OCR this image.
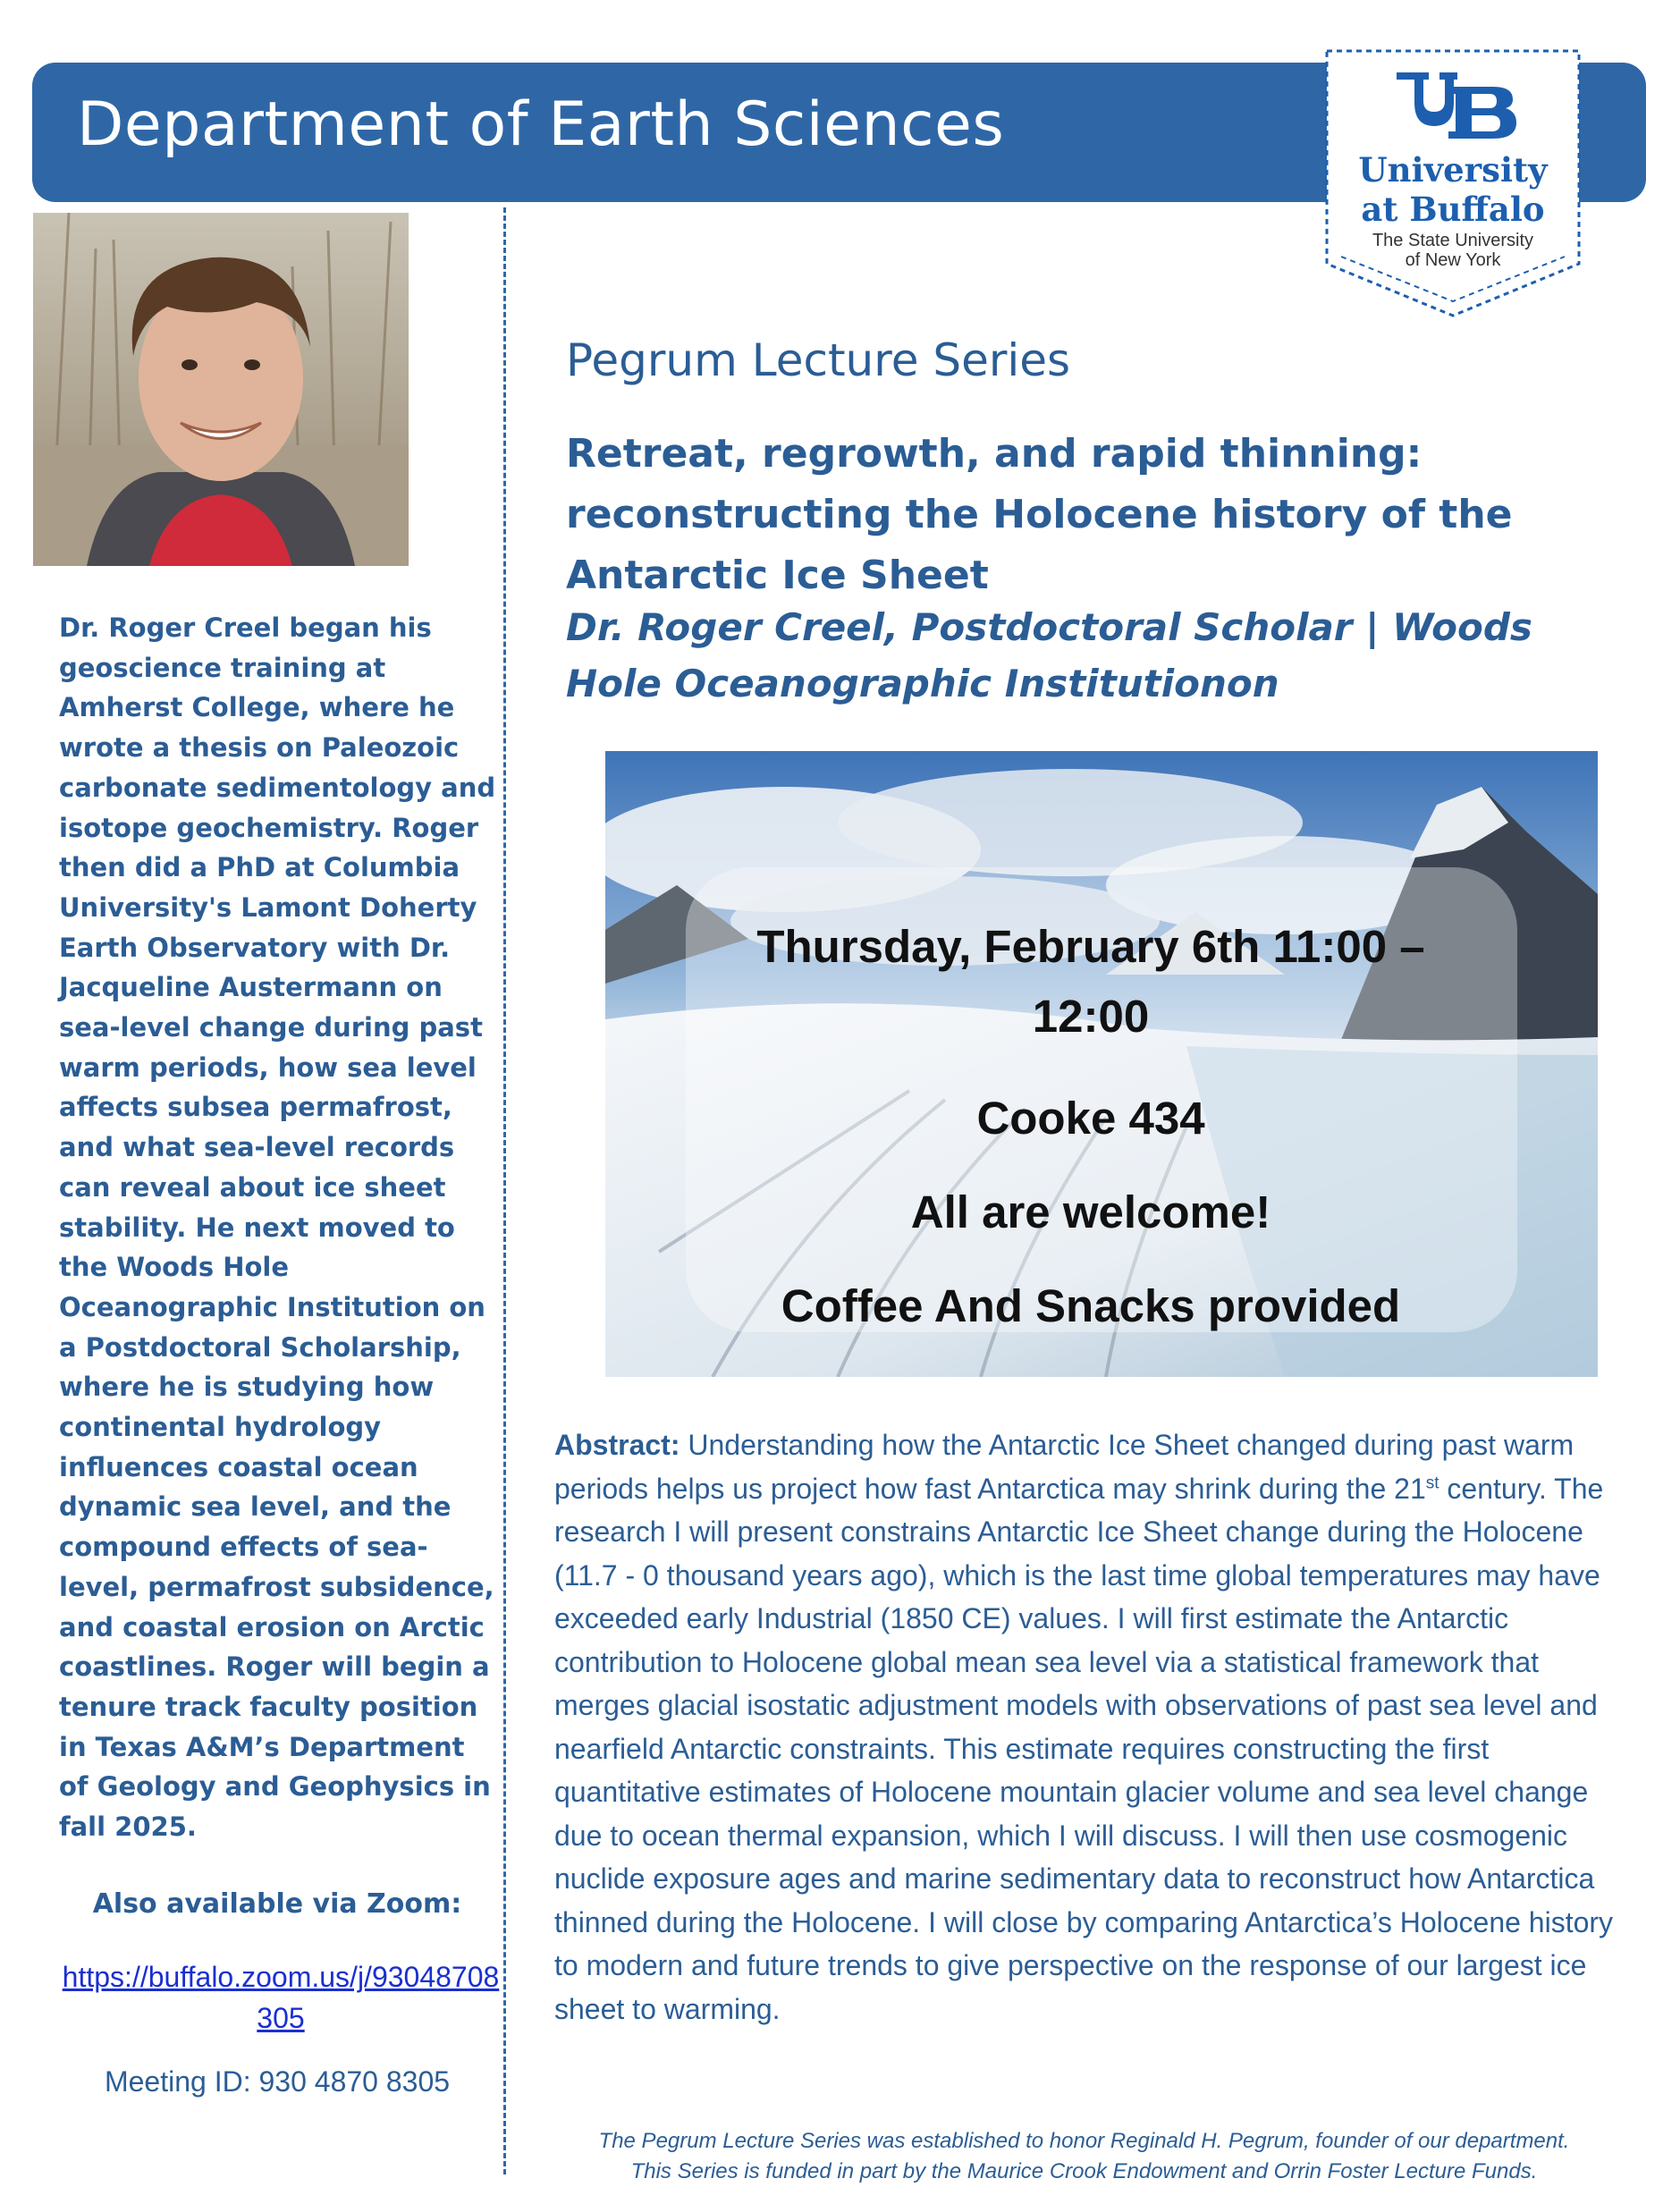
Department of Earth Sciences
University
at Buffalo
The State University
of New York
Dr. Roger Creel began his geoscience training at Amherst College, where he wrote a thesis on Paleozoic carbonate sedimentology and isotope geochemistry. Roger then did a PhD at Columbia University's Lamont Doherty Earth Observatory with Dr. Jacqueline Austermann on sea-level change during past warm periods, how sea level affects subsea permafrost, and what sea-level records can reveal about ice sheet stability. He next moved to the Woods Hole Oceanographic Institution on a Postdoctoral Scholarship, where he is studying how continental hydrology influences coastal ocean dynamic sea level, and the compound effects of sea-level, permafrost subsidence, and coastal erosion on Arctic coastlines. Roger will begin a tenure track faculty position in Texas A&M’s Department of Geology and Geophysics in fall 2025.
Also available via Zoom:
https://buffalo.zoom.us/j/93048708305
Meeting ID: 930 4870 8305
Pegrum Lecture Series
Retreat, regrowth, and rapid thinning: reconstructing the Holocene history of the Antarctic Ice Sheet
Dr. Roger Creel, Postdoctoral Scholar | Woods Hole Oceanographic Institutionon
Thursday, February 6th 11:00 – 12:00
Cooke 434
All are welcome!
Coffee And Snacks provided
Abstract: Understanding how the Antarctic Ice Sheet changed during past warm periods helps us project how fast Antarctica may shrink during the 21st century. The research I will present constrains Antarctic Ice Sheet change during the Holocene (11.7 - 0 thousand years ago), which is the last time global temperatures may have exceeded early Industrial (1850 CE) values. I will first estimate the Antarctic contribution to Holocene global mean sea level via a statistical framework that merges glacial isostatic adjustment models with observations of past sea level and nearfield Antarctic constraints. This estimate requires constructing the first quantitative estimates of Holocene mountain glacier volume and sea level change due to ocean thermal expansion, which I will discuss. I will then use cosmogenic nuclide exposure ages and marine sedimentary data to reconstruct how Antarctica thinned during the Holocene. I will close by comparing Antarctica’s Holocene history to modern and future trends to give perspective on the response of our largest ice sheet to warming.
The Pegrum Lecture Series was established to honor Reginald H. Pegrum, founder of our department.
This Series is funded in part by the Maurice Crook Endowment and Orrin Foster Lecture Funds.
